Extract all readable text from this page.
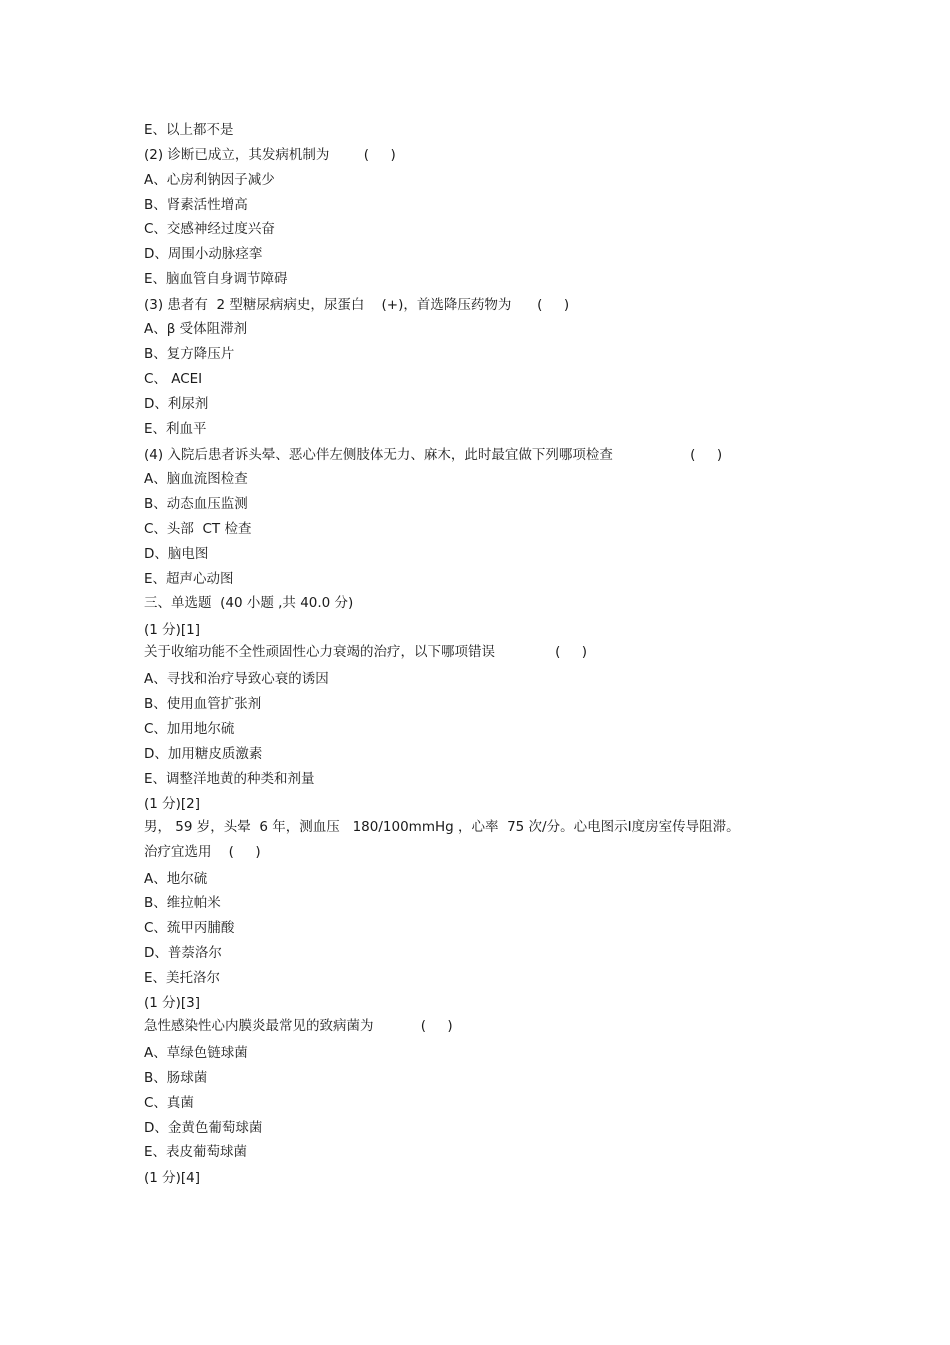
E、以上都不是
(2) 诊断已成立，其发病机制为        (     )
A、心房利钠因子减少
B、肾素活性增高
C、交感神经过度兴奋
D、周围小动脉痉挛
E、脑血管自身调节障碍
(3) 患者有  2 型糖尿病病史，尿蛋白    (+)，首选降压药物为      (     )
A、β 受体阻滞剂
B、复方降压片
C、 ACEI
D、利尿剂
E、利血平
(4) 入院后患者诉头晕、恶心伴左侧肢体无力、麻木，此时最宜做下列哪项检查                  (     )
A、脑血流图检查
B、动态血压监测
C、头部  CT 检查
D、脑电图
E、超声心动图
三、单选题  (40 小题 ,共 40.0 分)
(1 分)[1]
关于收缩功能不全性顽固性心力衰竭的治疗，以下哪项错误              (     )
A、寻找和治疗导致心衰的诱因
B、使用血管扩张剂
C、加用地尔硫
D、加用糖皮质激素
E、调整洋地黄的种类和剂量
(1 分)[2]
男， 59 岁，头晕  6 年，测血压   180/100mmHg ，心率  75 次/分。心电图示Ⅰ度房室传导阻滞。
治疗宜选用    (     )
A、地尔硫
B、维拉帕米
C、巯甲丙脯酸
D、普萘洛尔
E、美托洛尔
(1 分)[3]
急性感染性心内膜炎最常见的致病菌为           (     )
A、草绿色链球菌
B、肠球菌
C、真菌
D、金黄色葡萄球菌
E、表皮葡萄球菌
(1 分)[4]
